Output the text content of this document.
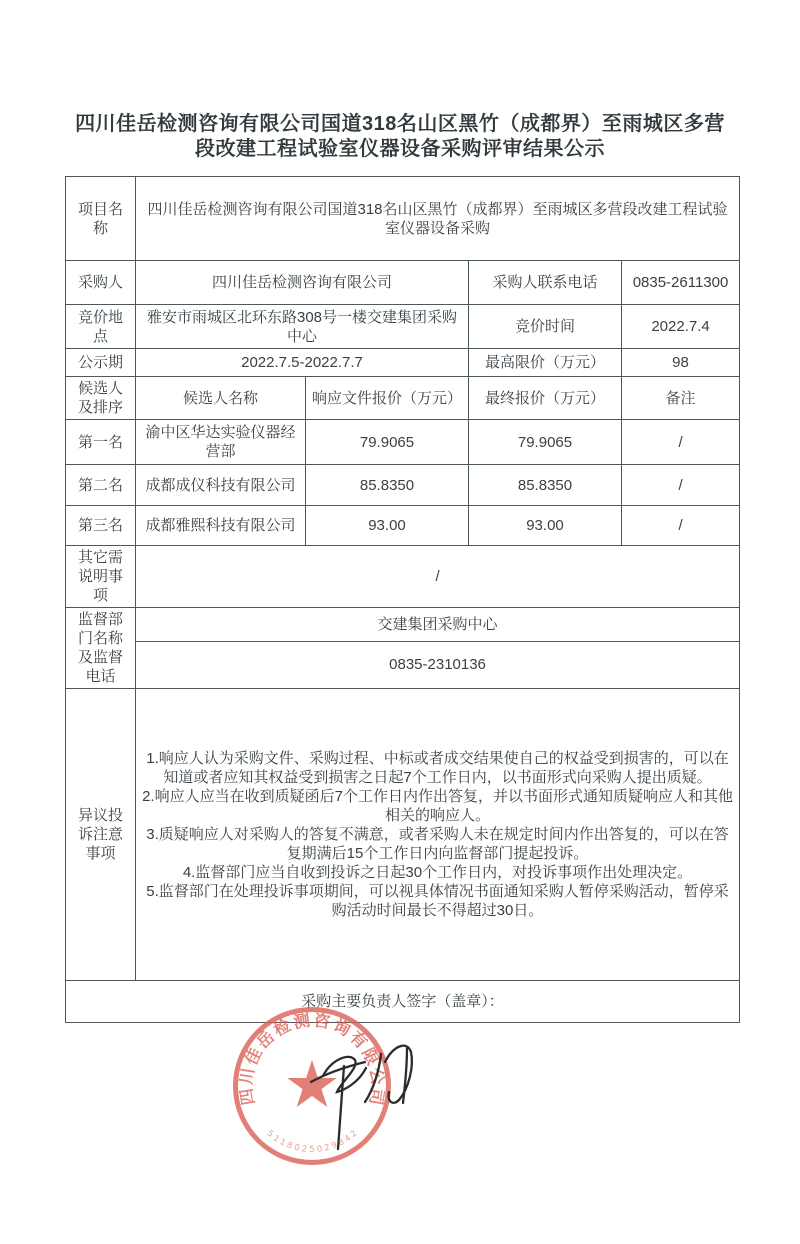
四川佳岳检测咨询有限公司国道318名山区黑竹（成都界）至雨城区多营段改建工程试验室仪器设备采购评审结果公示
项目名称	四川佳岳检测咨询有限公司国道318名山区黑竹（成都界）至雨城区多营段改建工程试验室仪器设备采购			
采购人	四川佳岳检测咨询有限公司		采购人联系电话	0835-2611300
竞价地点	雅安市雨城区北环东路308号一楼交建集团采购中心		竞价时间	2022.7.4
公示期	2022.7.5-2022.7.7		最高限价（万元）	98
候选人及排序	候选人名称	响应文件报价（万元）	最终报价（万元）	备注
第一名	渝中区华达实验仪器经营部	79.9065	79.9065	/
第二名	成都成仪科技有限公司	85.8350	85.8350	/
第三名	成都雅熙科技有限公司	93.00	93.00	/
其它需说明事项	/			
监督部门名称及监督电话	交建集团采购中心			
	0835-2310136			
异议投诉注意事项	1.响应人认为采购文件、采购过程、中标或者成交结果使自己的权益受到损害的，可以在知道或者应知其权益受到损害之日起7个工作日内，以书面形式向采购人提出质疑。
2.响应人应当在收到质疑函后7个工作日内作出答复，并以书面形式通知质疑响应人和其他相关的响应人。
3.质疑响应人对采购人的答复不满意，或者采购人未在规定时间内作出答复的，可以在答复期满后15个工作日内向监督部门提起投诉。
4.监督部门应当自收到投诉之日起30个工作日内，对投诉事项作出处理决定。
5.监督部门在处理投诉事项期间，可以视具体情况书面通知采购人暂停采购活动，暂停采购活动时间最长不得超过30日。			

采购主要负责人签字（盖章）：				
四川佳岳检测咨询有限公司
5118025029842
